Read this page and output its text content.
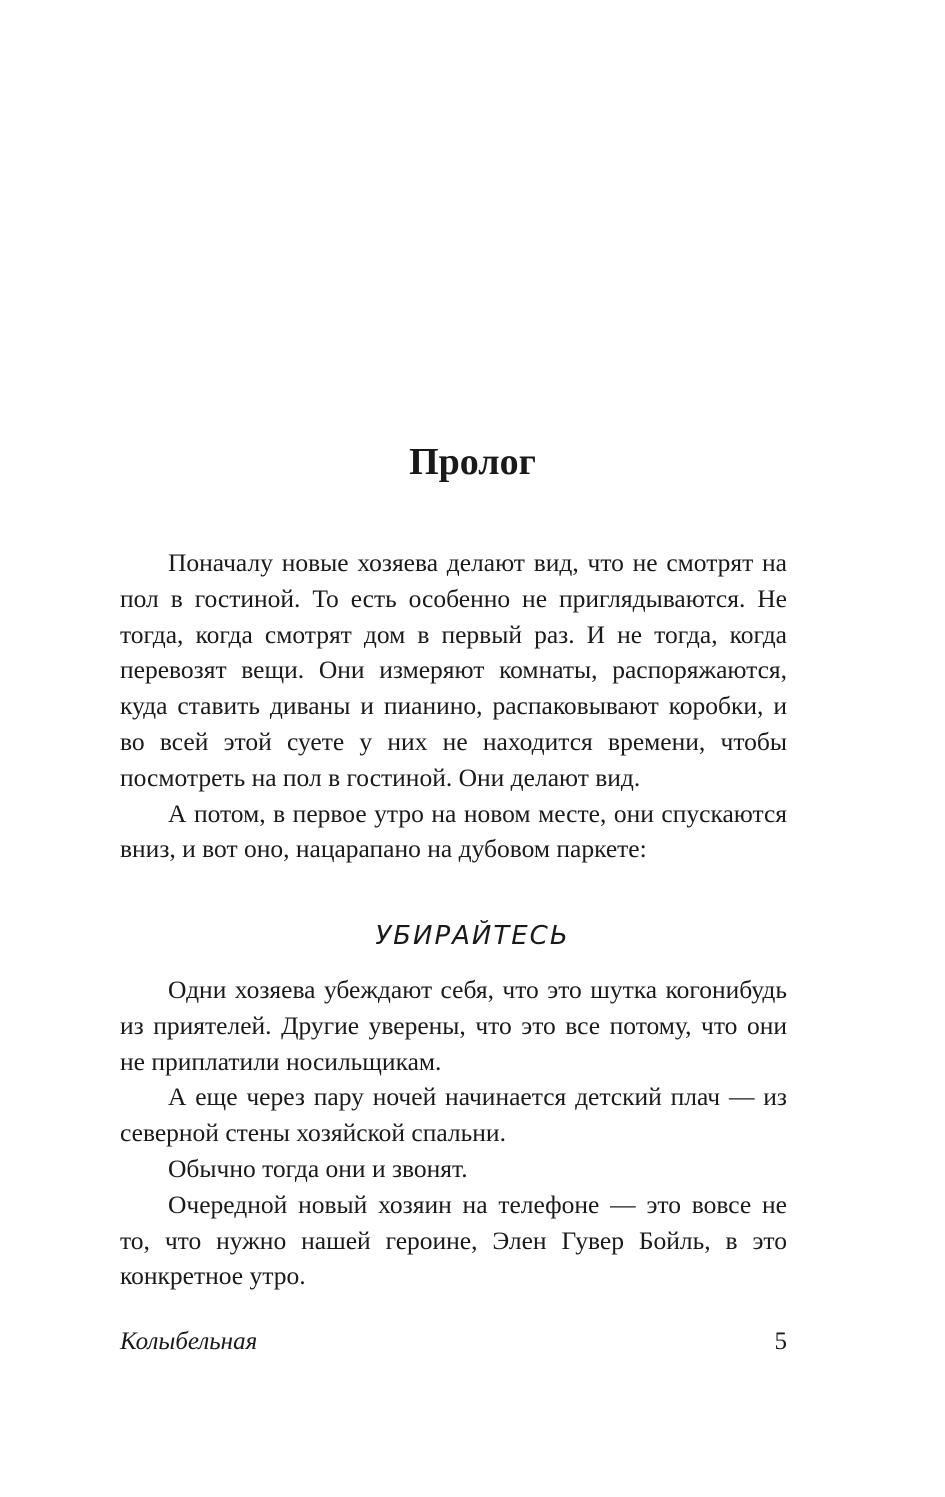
Пролог

Поначалу новые хозяева делают вид, что не смотрят на пол в гостиной. То есть особенно не приглядываются. Не тогда, когда смотрят дом в первый раз. И не тогда, когда перевозят вещи. Они измеряют комнаты, распоряжаются, куда ставить диваны и пианино, распаковывают коробки, и во всей этой суете у них не находится времени, чтобы посмотреть на пол в гостиной. Они делают вид.

А потом, в первое утро на новом месте, они спускаются вниз, и вот оно, нацарапано на дубовом паркете:

УБИРАЙТЕСЬ

Одни хозяева убеждают себя, что это шутка когонибудь из приятелей. Другие уверены, что это все потому, что они не приплатили носильщикам.

А еще через пару ночей начинается детский плач — из северной стены хозяйской спальни.

Обычно тогда они и звонят.

Очередной новый хозяин на телефоне — это вовсе не то, что нужно нашей героине, Элен Гувер Бойль, в это конкретное утро.

Колыбельная	5
